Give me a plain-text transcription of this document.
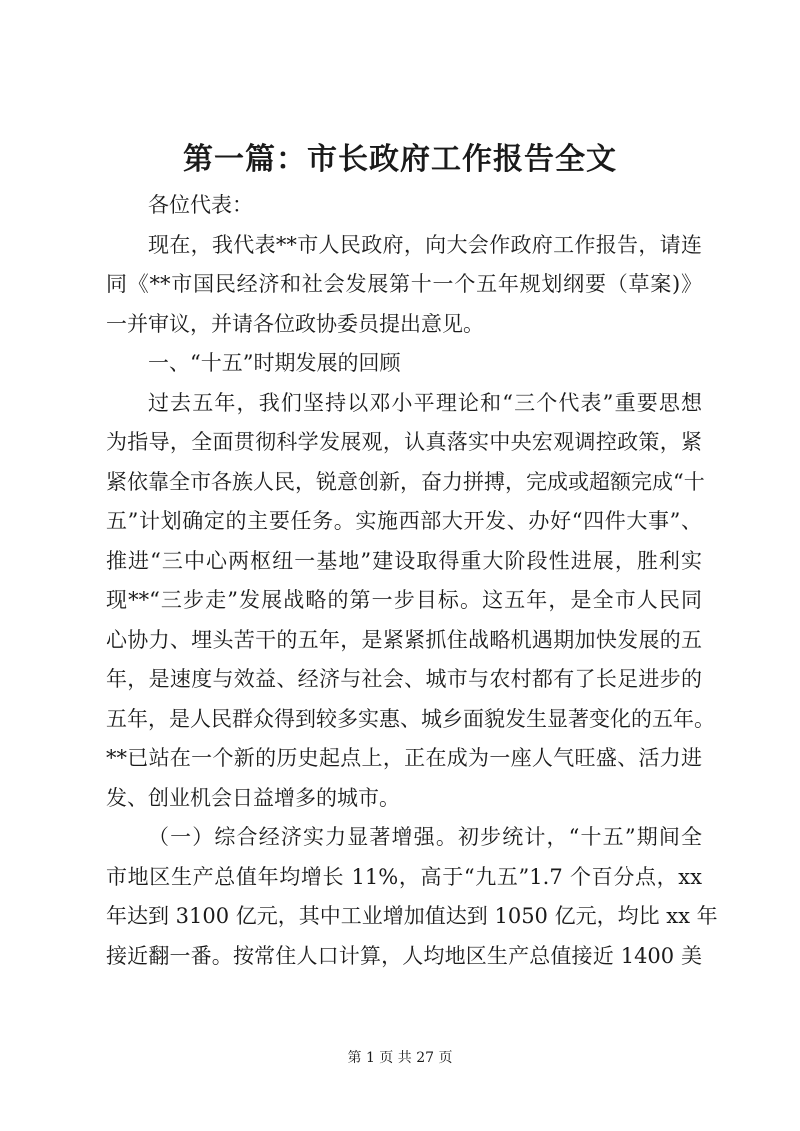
第一篇：市长政府工作报告全文
各位代表：
现在，我代表**市人民政府，向大会作政府工作报告，请连
同《**市国民经济和社会发展第十一个五年规划纲要（草案)》
一并审议，并请各位政协委员提出意见。
一、“十五”时期发展的回顾
过去五年，我们坚持以邓小平理论和“三个代表”重要思想
为指导，全面贯彻科学发展观，认真落实中央宏观调控政策，紧
紧依靠全市各族人民，锐意创新，奋力拼搏，完成或超额完成“十
五”计划确定的主要任务。实施西部大开发、办好“四件大事”、
推进“三中心两枢纽一基地”建设取得重大阶段性进展，胜利实
现**“三步走”发展战略的第一步目标。这五年，是全市人民同
心协力、埋头苦干的五年，是紧紧抓住战略机遇期加快发展的五
年，是速度与效益、经济与社会、城市与农村都有了长足进步的
五年，是人民群众得到较多实惠、城乡面貌发生显著变化的五年。
**已站在一个新的历史起点上，正在成为一座人气旺盛、活力进
发、创业机会日益增多的城市。
（一）综合经济实力显著增强。初步统计，“十五”期间全
市地区生产总值年均增长 11%，高于“九五”1.7 个百分点，xx
年达到 3100 亿元，其中工业增加值达到 1050 亿元，均比 xx 年
接近翻一番。按常住人口计算，人均地区生产总值接近 1400 美
第 1 页 共 27 页
